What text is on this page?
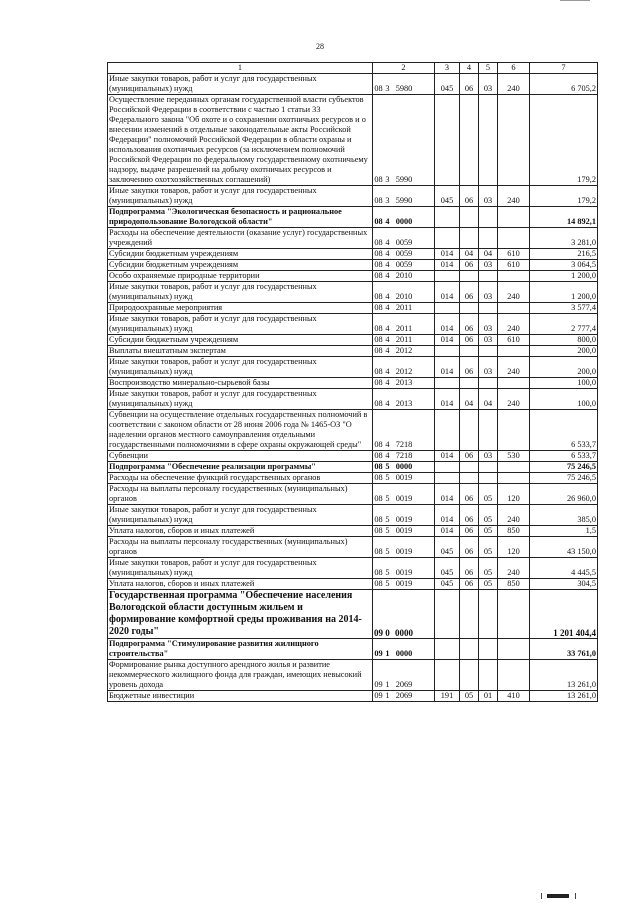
28
1	2	3	4	5	6	7
Иные закупки товаров, работ и услуг для государственных (муниципальных) нужд	08 3 5980	045	06	03	240	6 705,2
Осуществление переданных органам государственной власти субъектов Российской Федерации в соответствии с частью 1 статьи 33 Федерального закона "Об охоте и о сохранении охотничьих ресурсов и о внесении изменений в отдельные законодательные акты Российской Федерации" полномочий Российской Федерации в области охраны и использования охотничьих ресурсов (за исключением полномочий Российской Федерации по федеральному государственному охотничьему надзору, выдаче разрешений на добычу охотничьих ресурсов и заключению охотхозяйственных соглашений)	08 3 5990					179,2
Иные закупки товаров, работ и услуг для государственных (муниципальных) нужд	08 3 5990	045	06	03	240	179,2
Подпрограмма "Экологическая безопасность и рациональное природопользование Вологодской области"	08 4 0000					14 892,1
Расходы на обеспечение деятельности (оказание услуг) государственных учреждений	08 4 0059					3 281,0
Субсидии бюджетным учреждениям	08 4 0059	014	04	04	610	216,5
Субсидии бюджетным учреждениям	08 4 0059	014	06	03	610	3 064,5
Особо охраняемые природные территории	08 4 2010					1 200,0
Иные закупки товаров, работ и услуг для государственных (муниципальных) нужд	08 4 2010	014	06	03	240	1 200,0
Природоохранные мероприятия	08 4 2011					3 577,4
Иные закупки товаров, работ и услуг для государственных (муниципальных) нужд	08 4 2011	014	06	03	240	2 777,4
Субсидии бюджетным учреждениям	08 4 2011	014	06	03	610	800,0
Выплаты внештатным экспертам	08 4 2012					200,0
Иные закупки товаров, работ и услуг для государственных (муниципальных) нужд	08 4 2012	014	06	03	240	200,0
Воспроизводство минерально-сырьевой базы	08 4 2013					100,0
Иные закупки товаров, работ и услуг для государственных (муниципальных) нужд	08 4 2013	014	04	04	240	100,0
Субвенции на осуществление отдельных государственных полномочий в соответствии с законом области от 28 июня 2006 года № 1465-ОЗ "О наделении органов местного самоуправления отдельными государственными полномочиями в сфере охраны окружающей среды"	08 4 7218					6 533,7
Субвенции	08 4 7218	014	06	03	530	6 533,7
Подпрограмма "Обеспечение реализации программы"	08 5 0000					75 246,5
Расходы на обеспечение функций государственных органов	08 5 0019					75 246,5
Расходы на выплаты персоналу государственных (муниципальных) органов	08 5 0019	014	06	05	120	26 960,0
Иные закупки товаров, работ и услуг для государственных (муниципальных) нужд	08 5 0019	014	06	05	240	385,0
Уплата налогов, сборов и иных платежей	08 5 0019	014	06	05	850	1,5
Расходы на выплаты персоналу государственных (муниципальных) органов	08 5 0019	045	06	05	120	43 150,0
Иные закупки товаров, работ и услуг для государственных (муниципальных) нужд	08 5 0019	045	06	05	240	4 445,5
Уплата налогов, сборов и иных платежей	08 5 0019	045	06	05	850	304,5
Государственная программа "Обеспечение населения Вологодской области доступным жильем и формирование комфортной среды проживания на 2014-2020 годы"	09 0 0000					1 201 404,4
Подпрограмма "Стимулирование развития жилищного строительства"	09 1 0000					33 761,0
Формирование рынка доступного арендного жилья и развитие некоммерческого жилищного фонда для граждан, имеющих невысокий уровень дохода	09 1 2069					13 261,0
Бюджетные инвестиции	09 1 2069	191	05	01	410	13 261,0
